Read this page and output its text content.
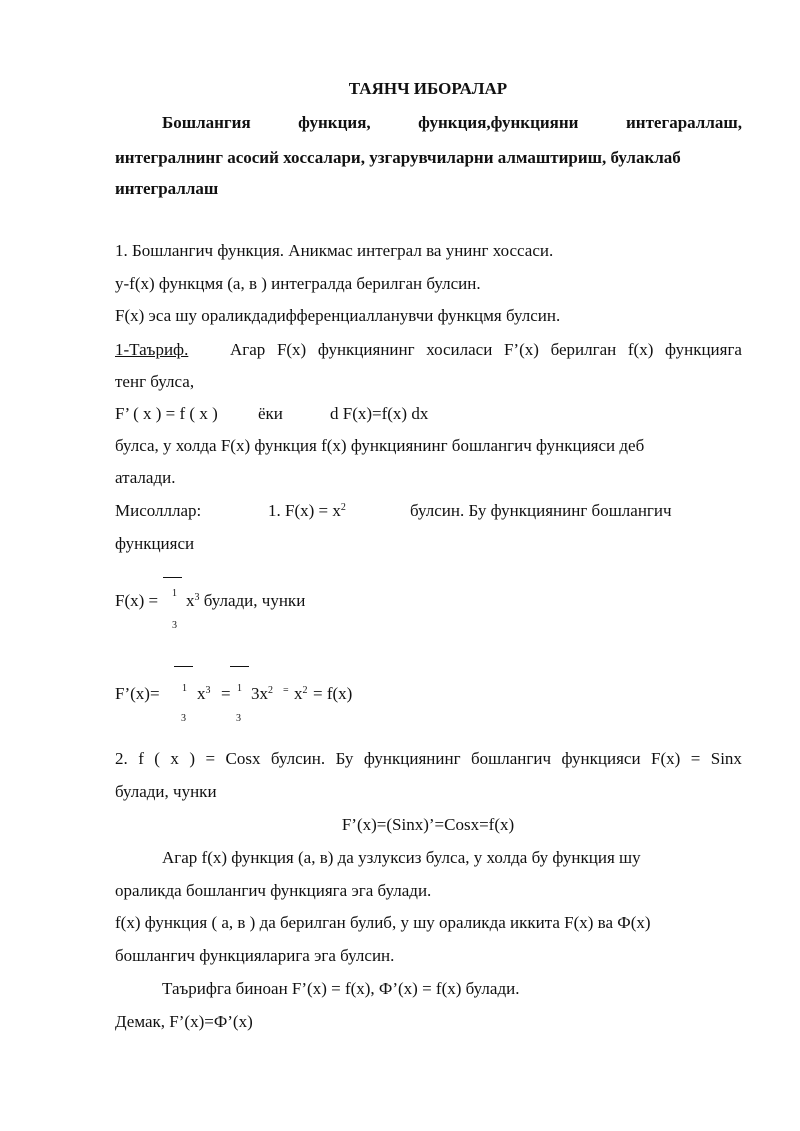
ТАЯНЧ ИБОРАЛАР
Бошлангия	функция,	функция,функцияни	интегараллаш,
интегралнинг асосий хоссалари, узгарувчиларни алмаштириш, булаклаб
интеграллаш
1. Бошлангич функция. Аникмас интеграл ва унинг хоссаси.
y-f(x) функцмя (a, в ) интегралда берилган булсин.
F(x) эса шу ораликдадифференциалланувчи функцмя булсин.
1-Таъриф. Агар F(x) функциянинг хосиласи F’(x) берилган f(x) функцияга
тенг булса,
F’ ( x ) = f ( x ) ёки	d F(x)=f(x) dx
булса, у холда F(x) функция f(x) функциянинг бошлангич функцияси деб
аталади.
Мисолллар:	1. $F(x) = x^2$	булсин. Бу функциянинг бошлангич
функцияси
F(x) = 1 $x^3$ булади, чунки
3
F’(x)= 1 $x^3 = 1$ $3x^2 = x^2 = f(x)$
3	3
2. f ( x ) = Cosx булсин. Бу функциянинг бошлангич функцияси F(x) = Sinx
булади, чунки
F’(x)=(Sinx)’=Cosx=f(x)
Агар f(x) функция (a, в) да узлуксиз булса, у холда бу функция шу
ораликда бошлангич функцияга эга булади.
f(x) функция ( a, в ) да берилган булиб, у шу ораликда иккита F(x) ва Ф(x)
бошлангич функцияларига эга булсин.
Таърифга биноан F’(x) = f(x), Ф’(x) = f(x) булади.
Демак, F’(x)=Ф’(x)
